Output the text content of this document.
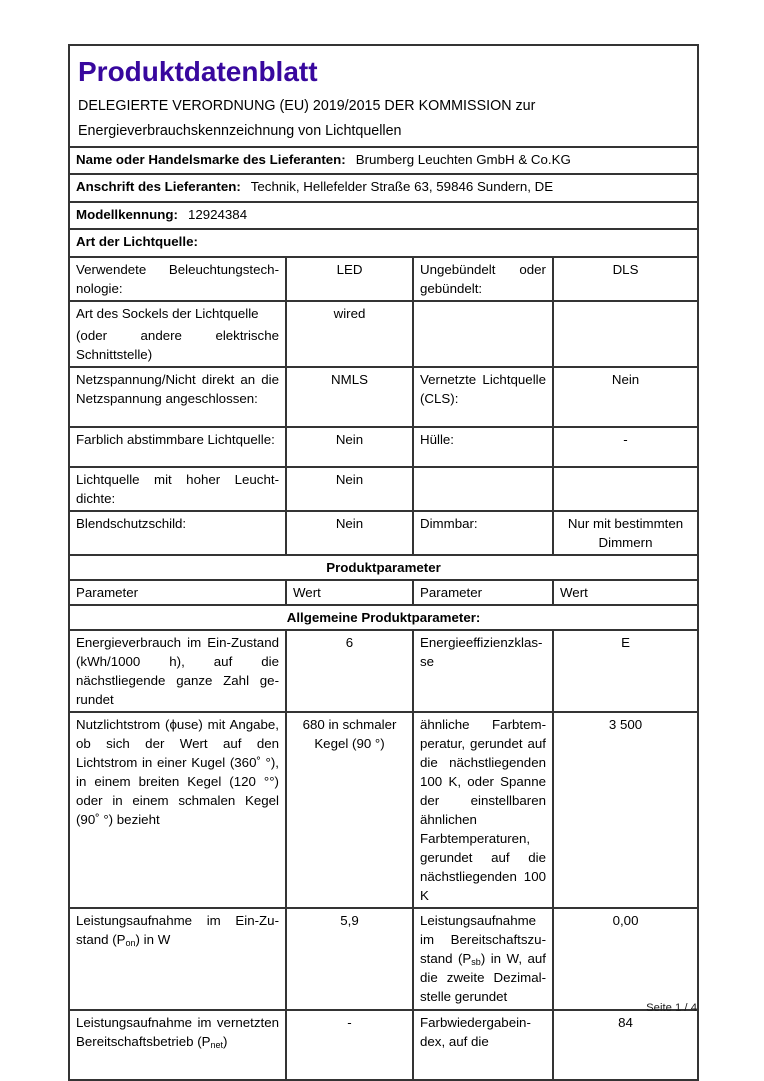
Produktdatenblatt
DELEGIERTE VERORDNUNG (EU) 2019/2015 DER KOMMISSION zur
Energieverbrauchskennzeichnung von Lichtquellen			

Name oder Handelsmarke des Lieferanten: Brumberg Leuchten GmbH & Co.KG			
Anschrift des Lieferanten: Technik, Hellefelder Straße 63, 59846 Sundern, DE			
Modellkennung: 12924384			
Art der Lichtquelle:			
Verwendete Beleuchtungstechnologie:	LED	Ungebündelt oder gebündelt:	DLS

Art des Sockels der Lichtquelle
(oder andere elektrische Schnittstelle)	wired		
Netzspannung/Nicht direkt an die Netzspannung angeschlossen:	NMLS	Vernetzte Lichtquelle (CLS):	Nein
Farblich abstimmbare Lichtquelle:	Nein	Hülle:	-
Lichtquelle mit hoher Leuchtdichte:	Nein		
Blendschutzschild:	Nein	Dimmbar:	Nur mit bestimmten Dimmern
Produktparameter			
Parameter	Wert	Parameter	Wert
Allgemeine Produktparameter:			
Energieverbrauch im Ein-Zustand (kWh/1000 h), auf die nächstliegende ganze Zahl gerundet	6	Energieeffizienzklasse	E
Nutzlichtstrom (ϕuse) mit Angabe, ob sich der Wert auf den Lichtstrom in einer Kugel (360˚ °), in einem breiten Kegel (120 °°) oder in einem schmalen Kegel (90˚ °) bezieht	680 in schmaler Kegel (90 °)	ähnliche Farbtemperatur, gerundet auf die nächstliegenden 100 K, oder Spanne der einstellbaren ähnlichen Farbtemperaturen, gerundet auf die nächstliegenden 100 K	3 500
Leistungsaufnahme im Ein-Zustand $(P_{on})$ in W	5,9	Leistungsaufnahme im Bereitschaftszustand $(P_{sb})$ in W, auf die zweite Dezimalstelle gerundet	0,00
Leistungsaufnahme im vernetzten Bereitschaftsbetrieb $(P_{net})$	-	Farbwiedergabeindex, auf die	84
Seite 1 / 4
